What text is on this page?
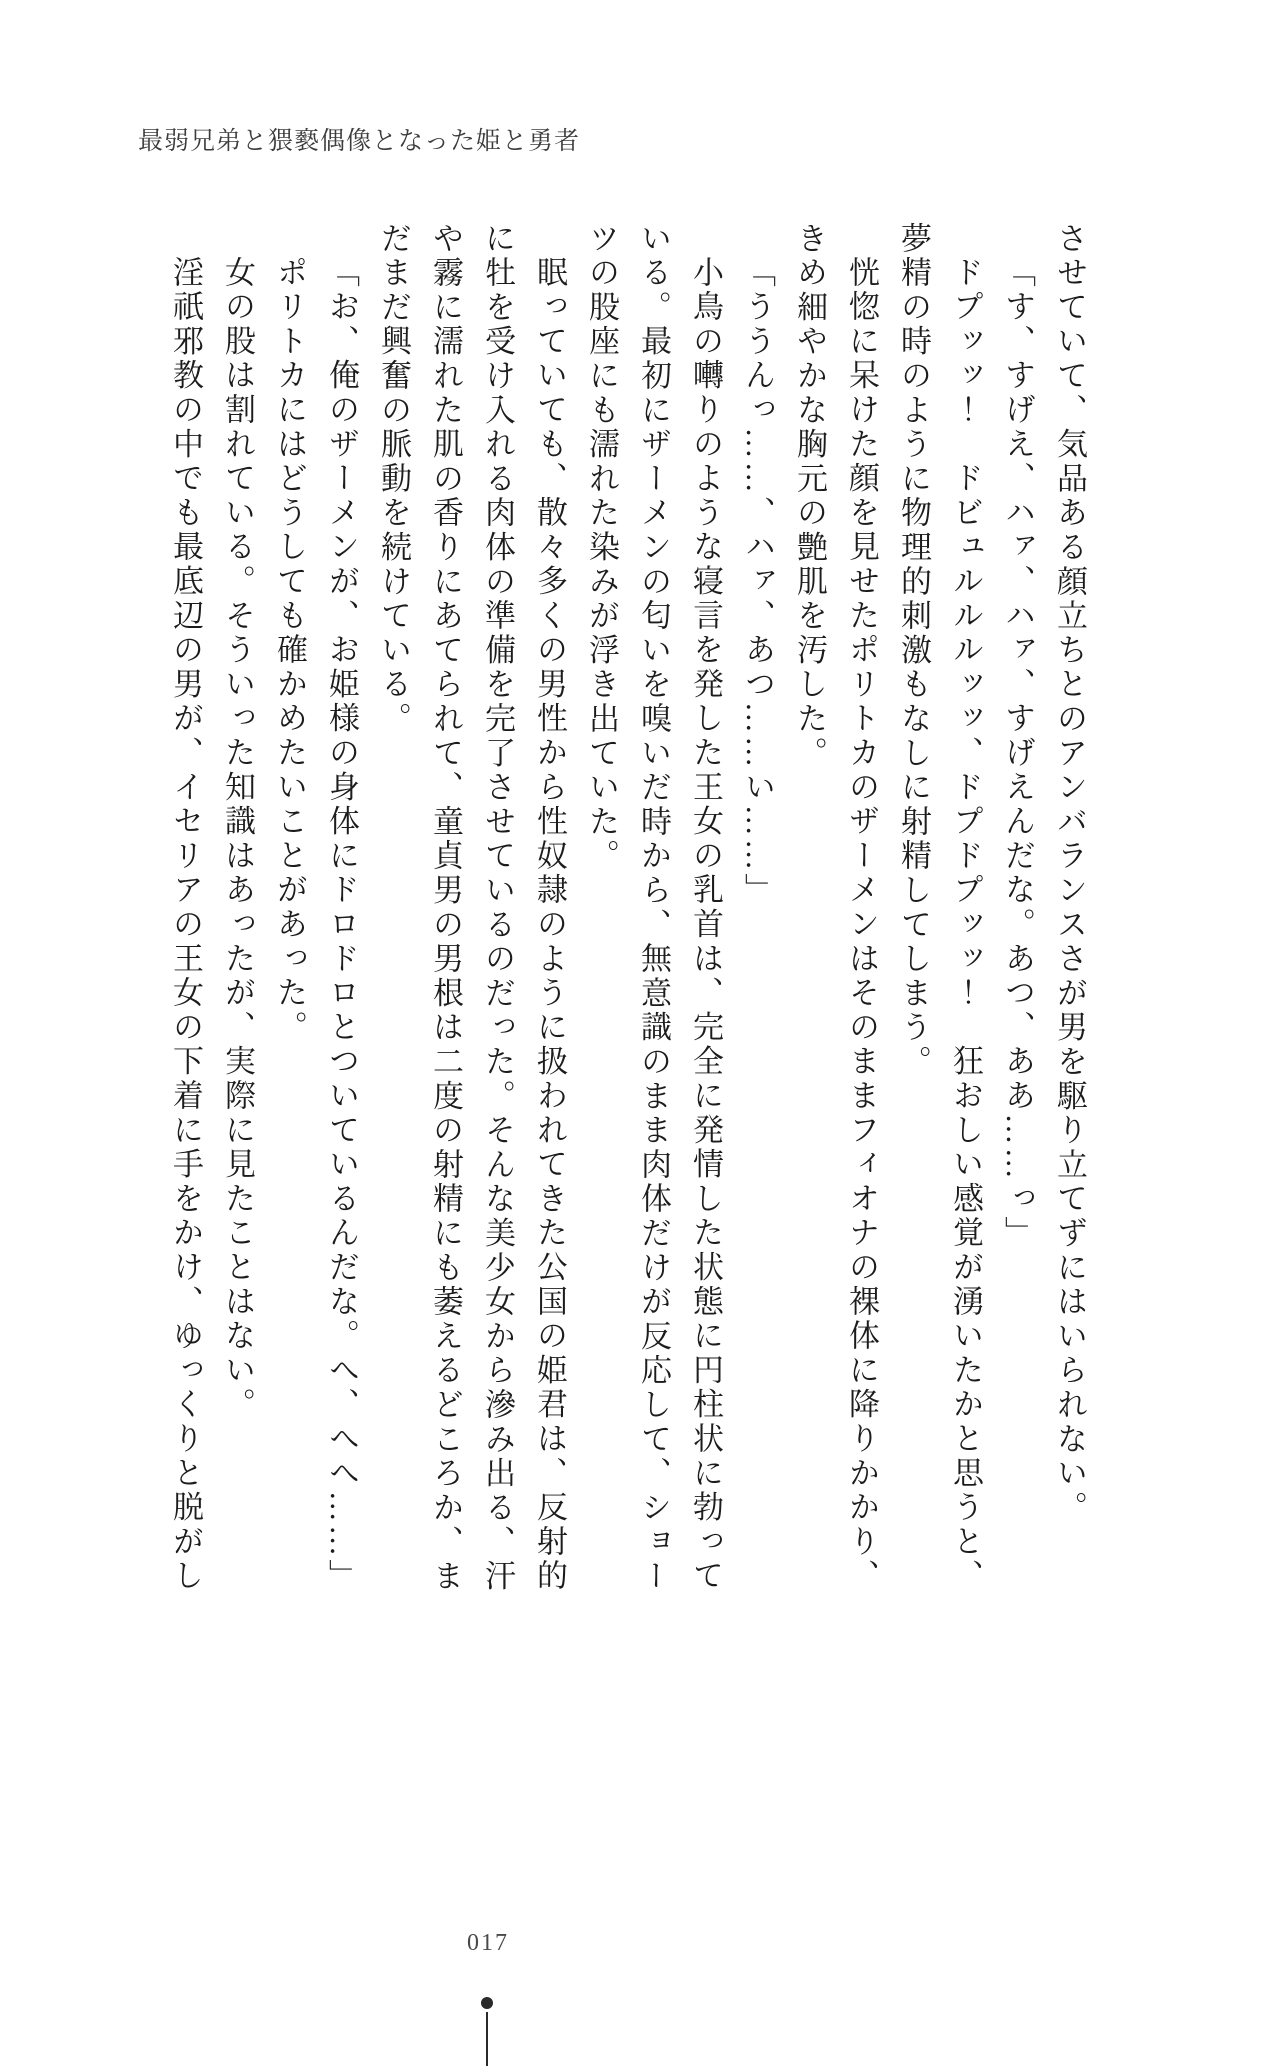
最弱兄弟と猥褻偶像となった姫と勇者

させていて、気品ある顔立ちとのアンバランスさが男を駆り立てずにはいられない。

「す、すげえ、ハァ、ハァ、すげえんだな。あつ、ああ……っ」

ドプッッ！　ドビュルルルッッ、ドプドプッッ！　狂おしい感覚が湧いたかと思うと、夢精の時のように物理的刺激もなしに射精してしまう。

恍惚に呆けた顔を見せたポリトカのザーメンはそのままフィオナの裸体に降りかかり、きめ細やかな胸元の艶肌を汚した。

「ううんっ……、ハァ、あつ……い……」

小鳥の囀りのような寝言を発した王女の乳首は、完全に発情した状態に円柱状に勃っている。最初にザーメンの匂いを嗅いだ時から、無意識のまま肉体だけが反応して、ショーツの股座にも濡れた染みが浮き出ていた。

眠っていても、散々多くの男性から性奴隷のように扱われてきた公国の姫君は、反射的に牡を受け入れる肉体の準備を完了させているのだった。そんな美少女から滲み出る、汗や霧に濡れた肌の香りにあてられて、童貞男の男根は二度の射精にも萎えるどころか、まだまだ興奮の脈動を続けている。

「お、俺のザーメンが、お姫様の身体にドロドロとついているんだな。へ、へへ……」

ポリトカにはどうしても確かめたいことがあった。

女の股は割れている。そういった知識はあったが、実際に見たことはない。

淫祇邪教の中でも最底辺の男が、イセリアの王女の下着に手をかけ、ゆっくりと脱がし

017
